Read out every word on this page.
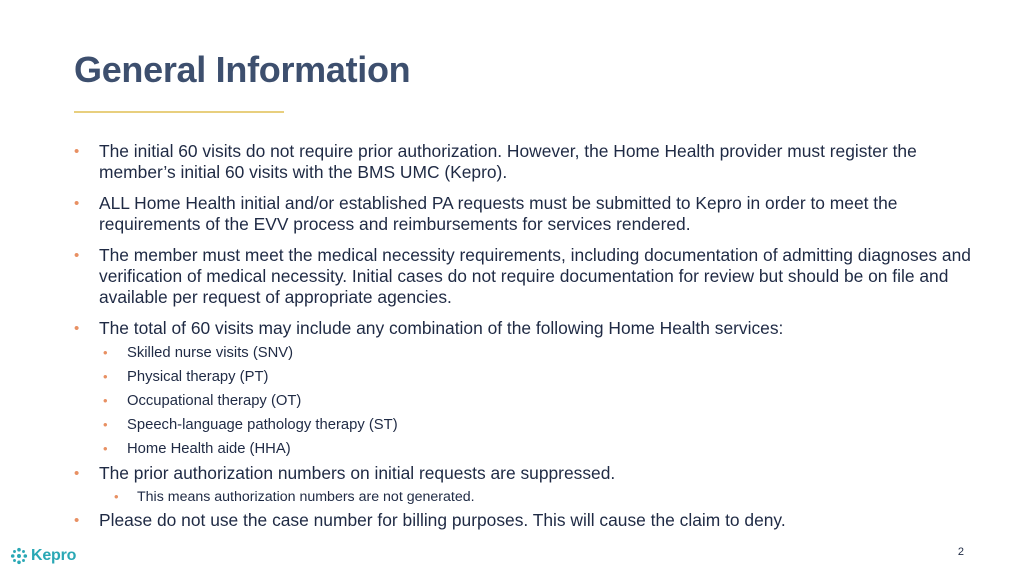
General Information
• The initial 60 visits do not require prior authorization. However, the Home Health provider must register the member’s initial 60 visits with the BMS UMC (Kepro).
• ALL Home Health initial and/or established PA requests must be submitted to Kepro in order to meet the requirements of the EVV process and reimbursements for services rendered.
• The member must meet the medical necessity requirements, including documentation of admitting diagnoses and verification of medical necessity. Initial cases do not require documentation for review but should be on file and available per request of appropriate agencies.
• The total of 60 visits may include any combination of the following Home Health services:
• Skilled nurse visits (SNV)
• Physical therapy (PT)
• Occupational therapy (OT)
• Speech-language pathology therapy (ST)
• Home Health aide (HHA)
• The prior authorization numbers on initial requests are suppressed.
• This means authorization numbers are not generated.
• Please do not use the case number for billing purposes. This will cause the claim to deny.
Kepro	2
